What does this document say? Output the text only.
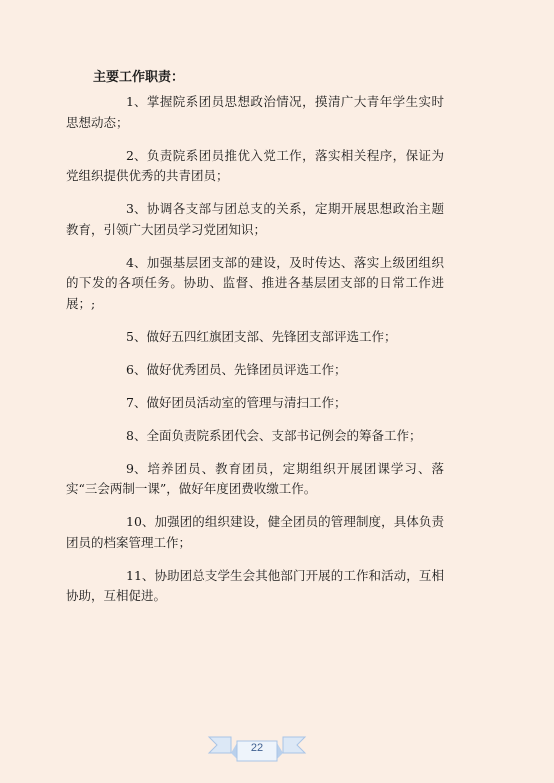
主要工作职责：

1、掌握院系团员思想政治情况，摸清广大青年学生实时思想动态；

2、负责院系团员推优入党工作，落实相关程序，保证为党组织提供优秀的共青团员；

3、协调各支部与团总支的关系，定期开展思想政治主题教育，引领广大团员学习党团知识；

4、加强基层团支部的建设，及时传达、落实上级团组织的下发的各项任务。协助、监督、推进各基层团支部的日常工作进展；;

5、做好五四红旗团支部、先锋团支部评选工作；

6、做好优秀团员、先锋团员评选工作；

7、做好团员活动室的管理与清扫工作；

8、全面负责院系团代会、支部书记例会的筹备工作；

9、培养团员、教育团员，定期组织开展团课学习、落实“三会两制一课”，做好年度团费收缴工作。

10、加强团的组织建设，健全团员的管理制度，具体负责团员的档案管理工作；

11、协助团总支学生会其他部门开展的工作和活动，互相协助，互相促进。

22
